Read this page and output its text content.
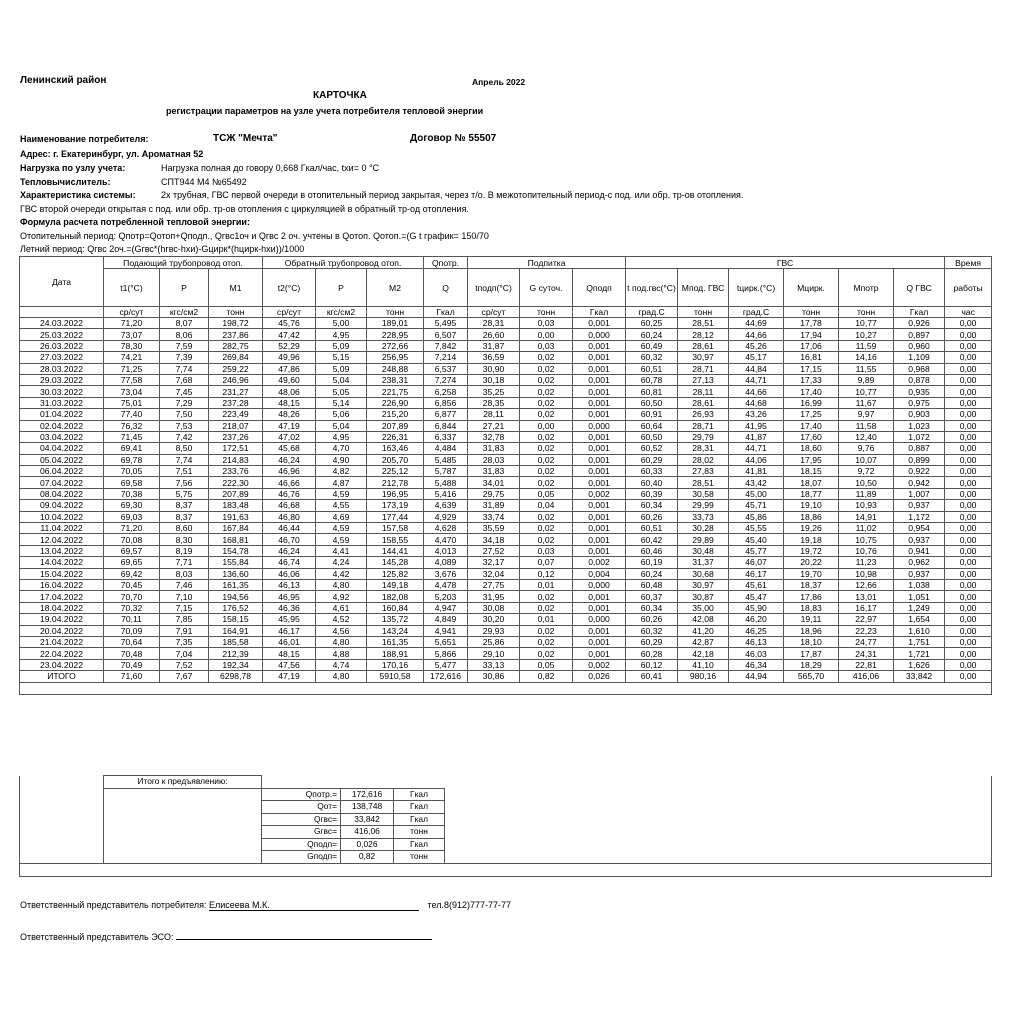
Ленинский район	Апрель 2022
КАРТОЧКА
регистрации параметров на узле учета потребителя тепловой энергии
Наименование потребителя:	ТСЖ "Мечта"	Договор № 55507
Адрес: г. Екатеринбург, ул. Ароматная 52
Нагрузка по узлу учета:	Нагрузка полная до говору 0,668 Гкал/час, txи= 0 °С
Тепловычислитель:	СПТ944 М4 №65492
Характеристика системы:	2х трубная, ГВС первой очереди в отопительный период закрытая, через т/о. В межотопительный период-с под. или обр. тр-ов отопления.
ГВС второй очереди открытая с под. или обр. тр-ов отопления с циркуляцией в обратный тр-од отопления.
Формула расчета потребленной тепловой энергии:
Отопительный период: Qпотр=Qотоп+Qподп., Qгвс1оч и Qгвс 2 оч. учтены в Qотоп. Qотоп.=(G t график= 150/70
Летний период: Qгвс 2оч.=(Gгвс*(hгвс-hхи)-Gцирк*(hцирк-hхи))/1000
Дата	Подающий трубопровод отоп.			Обратный трубопровод отоп.			Qпотр.	Подпитка			ГВС						Время
	t1(°C)	P	M1	t2(°C)	P	M2	Q	tподп(°C)	G суточ.	Qподп	t под.гвс(°C)	Mпод. ГВС	tцирк.(°C)	Mцирк.	Mпотр	Q ГВС	работы
	ср/сут	кгс/см2	тонн	ср/сут	кгс/см2	тонн	Гкал	ср/сут	тонн	Гкал	град.С	тонн	град.С	тонн	тонн	Гкал	час
24.03.2022	71,20	8,07	198,72	45,76	5,00	189,01	5,495	28,31	0,03	0,001	60,25	28,51	44,69	17,78	10,77	0,926	0,00
25.03.2022	73,07	8,06	237,86	47,42	4,95	228,95	6,507	26,60	0,00	0,000	60,24	28,12	44,66	17,94	10,27	0,897	0,00
26.03.2022	78,30	7,59	282,75	52,29	5,09	272,66	7,842	31,87	0,03	0,001	60,49	28,61	45,26	17,06	11,59	0,960	0,00
27.03.2022	74,21	7,39	269,84	49,96	5,15	256,95	7,214	36,59	0,02	0,001	60,32	30,97	45,17	16,81	14,16	1,109	0,00
28.03.2022	71,25	7,74	259,22	47,86	5,09	248,88	6,537	30,90	0,02	0,001	60,51	28,71	44,84	17,15	11,55	0,968	0,00
29.03.2022	77,58	7,68	246,96	49,60	5,04	238,31	7,274	30,18	0,02	0,001	60,78	27,13	44,71	17,33	9,89	0,878	0,00
30.03.2022	73,04	7,45	231,27	48,06	5,05	221,75	6,258	35,25	0,02	0,001	60,81	28,11	44,66	17,40	10,77	0,935	0,00
31.03.2022	75,01	7,29	237,28	48,15	5,14	226,90	6,856	28,35	0,02	0,001	60,50	28,61	44,68	16,99	11,67	0,975	0,00
01.04.2022	77,40	7,50	223,49	48,26	5,06	215,20	6,877	28,11	0,02	0,001	60,91	26,93	43,26	17,25	9,97	0,903	0,00
02.04.2022	76,32	7,53	218,07	47,19	5,04	207,89	6,844	27,21	0,00	0,000	60,64	28,71	41,95	17,40	11,58	1,023	0,00
03.04.2022	71,45	7,42	237,26	47,02	4,95	226,31	6,337	32,78	0,02	0,001	60,50	29,79	41,87	17,60	12,40	1,072	0,00
04.04.2022	69,41	8,50	172,51	45,68	4,70	163,46	4,484	31,83	0,02	0,001	60,52	28,31	44,71	18,60	9,76	0,887	0,00
05.04.2022	69,78	7,74	214,83	46,24	4,90	205,70	5,485	28,03	0,02	0,001	60,29	28,02	44,06	17,95	10,07	0,899	0,00
06.04.2022	70,05	7,51	233,76	46,96	4,82	225,12	5,787	31,83	0,02	0,001	60,33	27,83	41,81	18,15	9,72	0,922	0,00
07.04.2022	69,58	7,56	222,30	46,66	4,87	212,78	5,488	34,01	0,02	0,001	60,40	28,51	43,42	18,07	10,50	0,942	0,00
08.04.2022	70,38	5,75	207,89	46,76	4,59	196,95	5,416	29,75	0,05	0,002	60,39	30,58	45,00	18,77	11,89	1,007	0,00
09.04.2022	69,30	8,37	183,48	46,68	4,55	173,19	4,639	31,89	0,04	0,001	60,34	29,99	45,71	19,10	10,93	0,937	0,00
10.04.2022	69,03	8,37	191,63	46,80	4,69	177,44	4,929	33,74	0,02	0,001	60,26	33,73	45,86	18,86	14,91	1,172	0,00
11.04.2022	71,20	8,60	167,84	46,44	4,59	157,58	4,628	35,59	0,02	0,001	60,51	30,28	45,55	19,26	11,02	0,954	0,00
12.04.2022	70,08	8,30	168,81	46,70	4,59	158,55	4,470	34,18	0,02	0,001	60,42	29,89	45,40	19,18	10,75	0,937	0,00
13.04.2022	69,57	8,19	154,78	46,24	4,41	144,41	4,013	27,52	0,03	0,001	60,46	30,48	45,77	19,72	10,76	0,941	0,00
14.04.2022	69,65	7,71	155,84	46,74	4,24	145,28	4,089	32,17	0,07	0,002	60,19	31,37	46,07	20,22	11,23	0,962	0,00
15.04.2022	69,42	8,03	136,60	46,06	4,42	125,82	3,676	32,04	0,12	0,004	60,24	30,68	46,17	19,70	10,98	0,937	0,00
16.04.2022	70,45	7,46	161,35	46,13	4,80	149,18	4,478	27,75	0,01	0,000	60,48	30,97	45,61	18,37	12,66	1,038	0,00
17.04.2022	70,70	7,10	194,56	46,95	4,92	182,08	5,203	31,95	0,02	0,001	60,37	30,87	45,47	17,86	13,01	1,051	0,00
18.04.2022	70,32	7,15	176,52	46,36	4,61	160,84	4,947	30,08	0,02	0,001	60,34	35,00	45,90	18,83	16,17	1,249	0,00
19.04.2022	70,11	7,85	158,15	45,95	4,52	135,72	4,849	30,20	0,01	0,000	60,26	42,08	46,20	19,11	22,97	1,654	0,00
20.04.2022	70,09	7,91	164,91	46,17	4,56	143,24	4,941	29,93	0,02	0,001	60,32	41,20	46,25	18,96	22,23	1,610	0,00
21.04.2022	70,64	7,35	185,58	46,01	4,80	161,35	5,651	25,86	0,02	0,001	60,29	42,87	46,13	18,10	24,77	1,751	0,00
22.04.2022	70,48	7,04	212,39	48,15	4,88	188,91	5,866	29,10	0,02	0,001	60,28	42,18	46,03	17,87	24,31	1,721	0,00
23.04.2022	70,49	7,52	192,34	47,56	4,74	170,16	5,477	33,13	0,05	0,002	60,12	41,10	46,34	18,29	22,81	1,626	0,00
ИТОГО	71,60	7,67	6298,78	47,19	4,80	5910,58	172,616	30,86	0,82	0,026	60,41	980,16	44,94	565,70	416,06	33,842	0,00

	Итого к предъявлению:				
		Qпотр.=	172,616	Гкал	
		Qот=	138,748	Гкал	
		Qгвс=	33,842	Гкал	
		Gгвс=	416,06	тонн	
		Qподп=	0,026	Гкал	
		Gподп=	0,82	тонн	

Ответственный представитель потребителя: Елисеева М.К.	тел.8(912)777-77-77
Ответственный представитель ЭСО:
